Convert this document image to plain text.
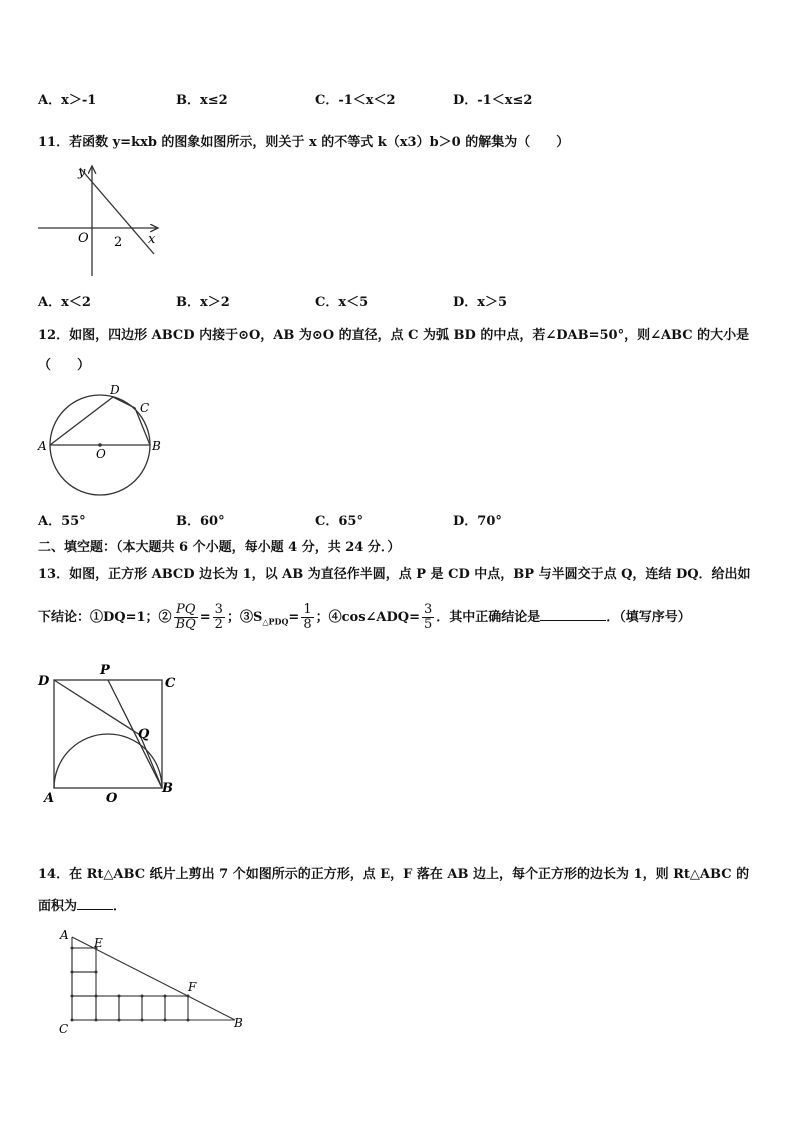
A．x＞-1	B．x≤2	C．-1＜x＜2	D．-1＜x≤2
11．若函数 y=kxb 的图象如图所示，则关于 x 的不等式 k（x3）b＞0 的解集为（　　）
y
x
O 2
A．x＜2	B．x＞2	C．x＜5	D．x＞5
12．如图，四边形 ABCD 内接于⊙O，AB 为⊙O 的直径，点 C 为弧 BD 的中点，若∠DAB=50°，则∠ABC 的大小是
（　　）
A	B
D
C
O
A．55°	B．60°	C．65°	D．70°
二、填空题：（本大题共 6 个小题，每小题 4 分，共 24 分．）
13．如图，正方形 ABCD 边长为 1，以 AB 为直径作半圆，点 P 是 CD 中点，BP 与半圆交于点 Q，连结 DQ．给出如
下结论：①DQ=1；② $\frac{PQ}{BQ} = \frac{3}{2}$ ；$③S_{\triangle PDQ}= \frac{1}{8}$ ；④cos∠ADQ= $\frac{3}{5}$ ．其中正确结论是	．（填写序号）
D
P
C
Q
A	O
B
14．在 Rt△ABC 纸片上剪出 7 个如图所示的正方形，点 E，F 落在 AB 边上，每个正方形的边长为 1，则 Rt△ABC 的
面积为	．
A
E
F
C	B
